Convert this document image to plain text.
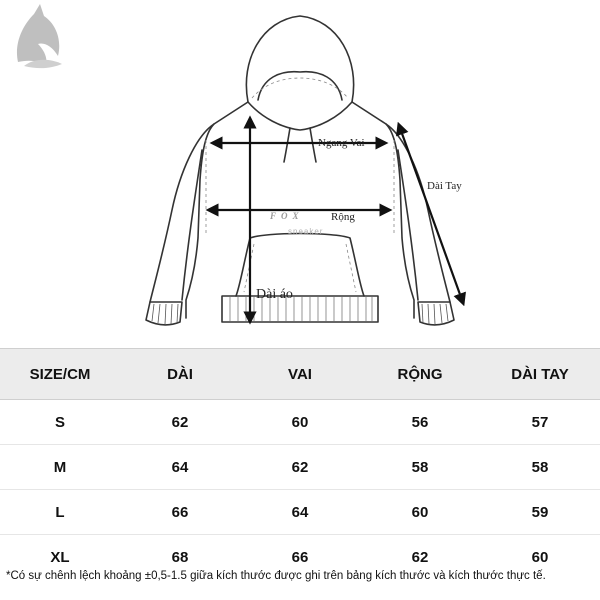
FOX
sneaker
Ngang Vai
Dài Tay
Rộng
Dài áo
SIZE/CM	DÀI	VAI	RỘNG	DÀI TAY
S	62	60	56	57
M	64	62	58	58
L	66	64	60	59
XL	68	66	62	60
*Có sự chênh lệch khoảng ±0,5-1.5 giữa kích thước được ghi trên bảng kích thước và kích thước thực tế.
